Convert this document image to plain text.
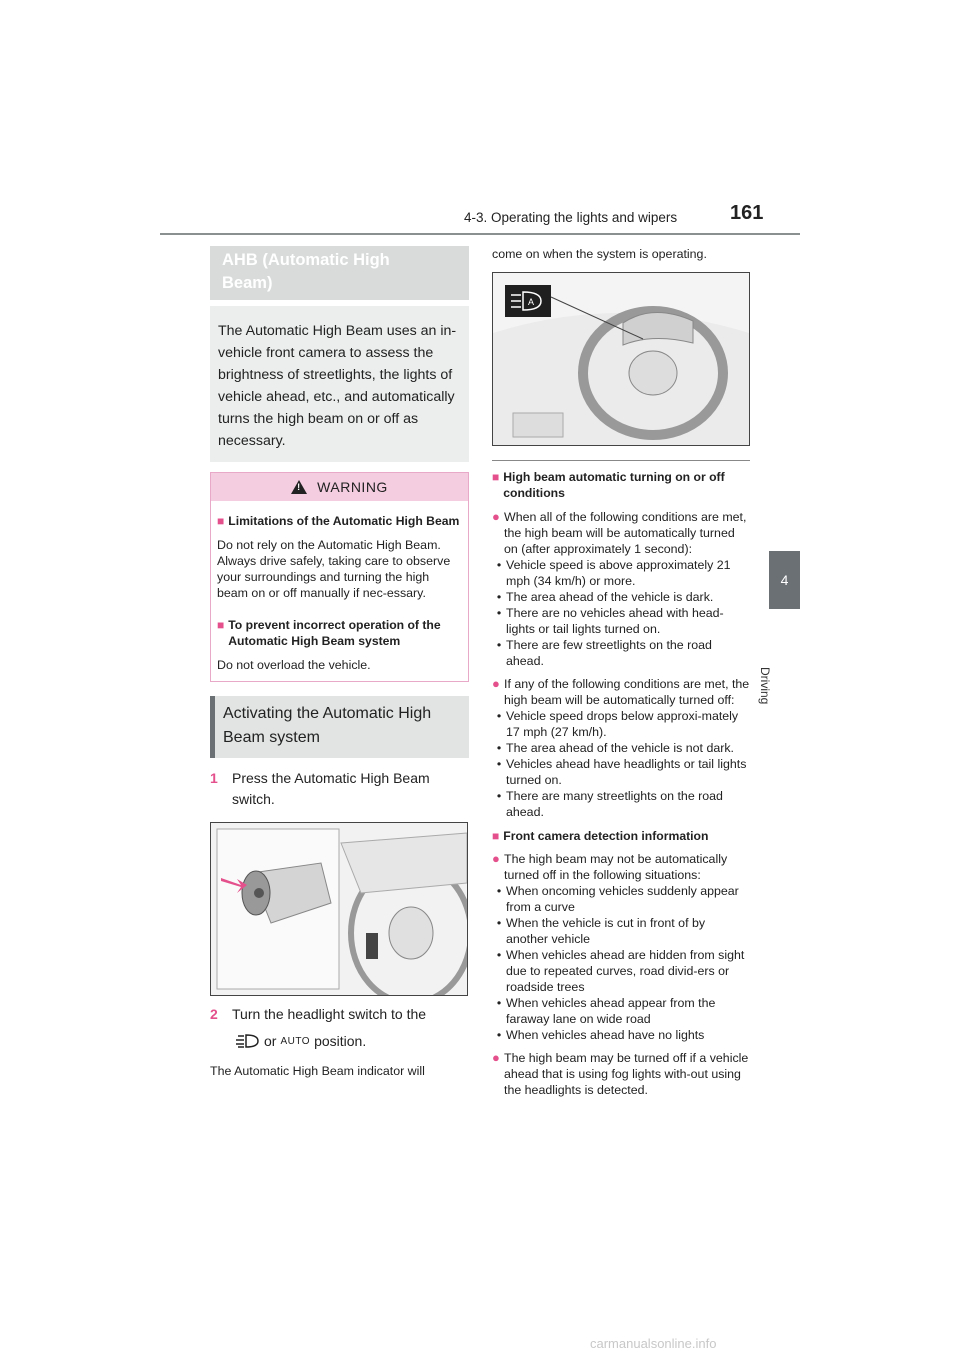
4-3. Operating the lights and wipers	161
4
Driving
AHB (Automatic High
Beam)
The Automatic High Beam uses an in-vehicle front camera to assess the brightness of streetlights, the lights of vehicle ahead, etc., and automatically turns the high beam on or off as necessary.
!
WARNING
■ Limitations of the Automatic High Beam

Do not rely on the Automatic High Beam. Always drive safely, taking care to observe your surroundings and turning the high beam on or off manually if nec-essary.

■ To prevent incorrect operation of the Automatic High Beam system

Do not overload the vehicle.

Activating the Automatic High
Beam system
1	Press the Automatic High Beam switch.
2	Turn the headlight switch to the
or AUTO position.
The Automatic High Beam indicator will
come on when the system is operating.
A
■ High beam automatic turning on or off conditions
● When all of the following conditions are met, the high beam will be automatically turned on (after approximately 1 second):
• Vehicle speed is above approximately 21 mph (34 km/h) or more.
• The area ahead of the vehicle is dark.
• There are no vehicles ahead with head-lights or tail lights turned on.
• There are few streetlights on the road ahead.
● If any of the following conditions are met, the high beam will be automatically turned off:
• Vehicle speed drops below approxi-mately 17 mph (27 km/h).
• The area ahead of the vehicle is not dark.
• Vehicles ahead have headlights or tail lights turned on.
• There are many streetlights on the road ahead.
■ Front camera detection information
● The high beam may not be automatically turned off in the following situations:
• When oncoming vehicles suddenly appear from a curve
• When the vehicle is cut in front of by another vehicle
• When vehicles ahead are hidden from sight due to repeated curves, road divid-ers or roadside trees
• When vehicles ahead appear from the faraway lane on wide road
• When vehicles ahead have no lights
● The high beam may be turned off if a vehicle ahead that is using fog lights with-out using the headlights is detected.
carmanualsonline.info
